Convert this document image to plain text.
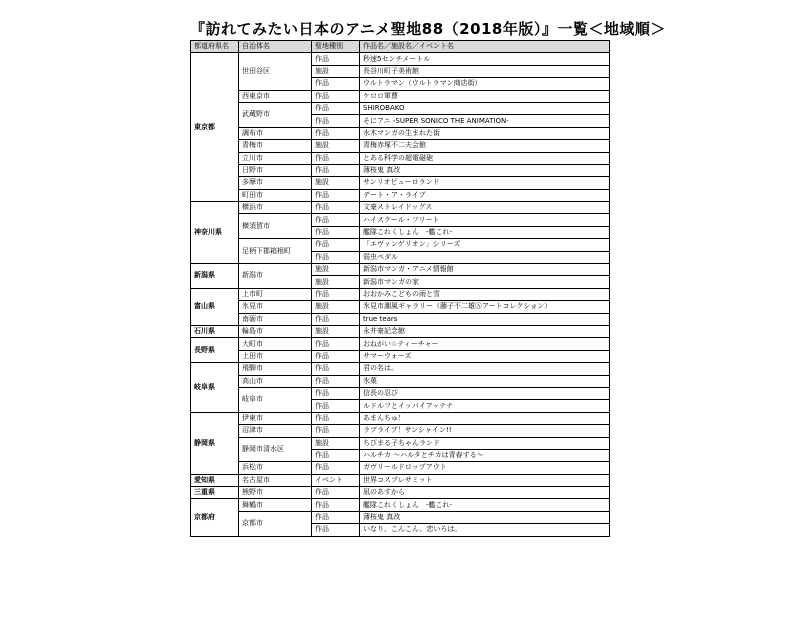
『訪れてみたい日本のアニメ聖地88（2018年版）』一覧＜地域順＞
都道府県名	自治体名	聖地種別	作品名／施設名／イベント名
東京都	世田谷区	作品	秒速5センチメートル
		施設	長谷川町子美術館
		作品	ウルトラマン（ウルトラマン商店街）
	西東京市	作品	ケロロ軍曹
	武蔵野市	作品	SHIROBAKO
		作品	そにアニ -SUPER SONICO THE ANIMATION-
	調布市	作品	水木マンガの生まれた街
	青梅市	施設	青梅赤塚不二夫会館
	立川市	作品	とある科学の超電磁砲
	日野市	作品	薄桜鬼 真改
	多摩市	施設	サンリオピューロランド
	町田市	作品	デート・ア・ライブ
神奈川県	横浜市	作品	文豪ストレイドッグス
	横須賀市	作品	ハイスクール・フリート
		作品	艦隊これくしょん　-艦これ-
	足柄下郡箱根町	作品	「エヴァンゲリオン」シリーズ
		作品	弱虫ペダル
新潟県	新潟市	施設	新潟市マンガ・アニメ情報館
		施設	新潟市マンガの家
富山県	上市町	作品	おおかみこどもの雨と雪
	氷見市	施設	氷見市潮風ギャラリー（藤子不二雄Ⓐアートコレクション）
	南砺市	作品	true tears
石川県	輪島市	施設	永井豪記念館
長野県	大町市	作品	おねがい☆ティーチャー
	上田市	作品	サマーウォーズ
岐阜県	飛騨市	作品	君の名は。
	高山市	作品	氷菓
	岐阜市	作品	信長の忍び
		作品	ルドルフとイッパイアッテナ
静岡県	伊東市	作品	あまんちゅ！
	沼津市	作品	ラブライブ！サンシャイン!!
	静岡市清水区	施設	ちびまる子ちゃんランド
		作品	ハルチカ ～ハルタとチカは青春する～
	浜松市	作品	ガヴリールドロップアウト
愛知県	名古屋市	イベント	世界コスプレサミット
三重県	熊野市	作品	凪のあすから
京都府	舞鶴市	作品	艦隊これくしょん　-艦これ-
	京都市	作品	薄桜鬼 真改
		作品	いなり、こんこん、恋いろは。
